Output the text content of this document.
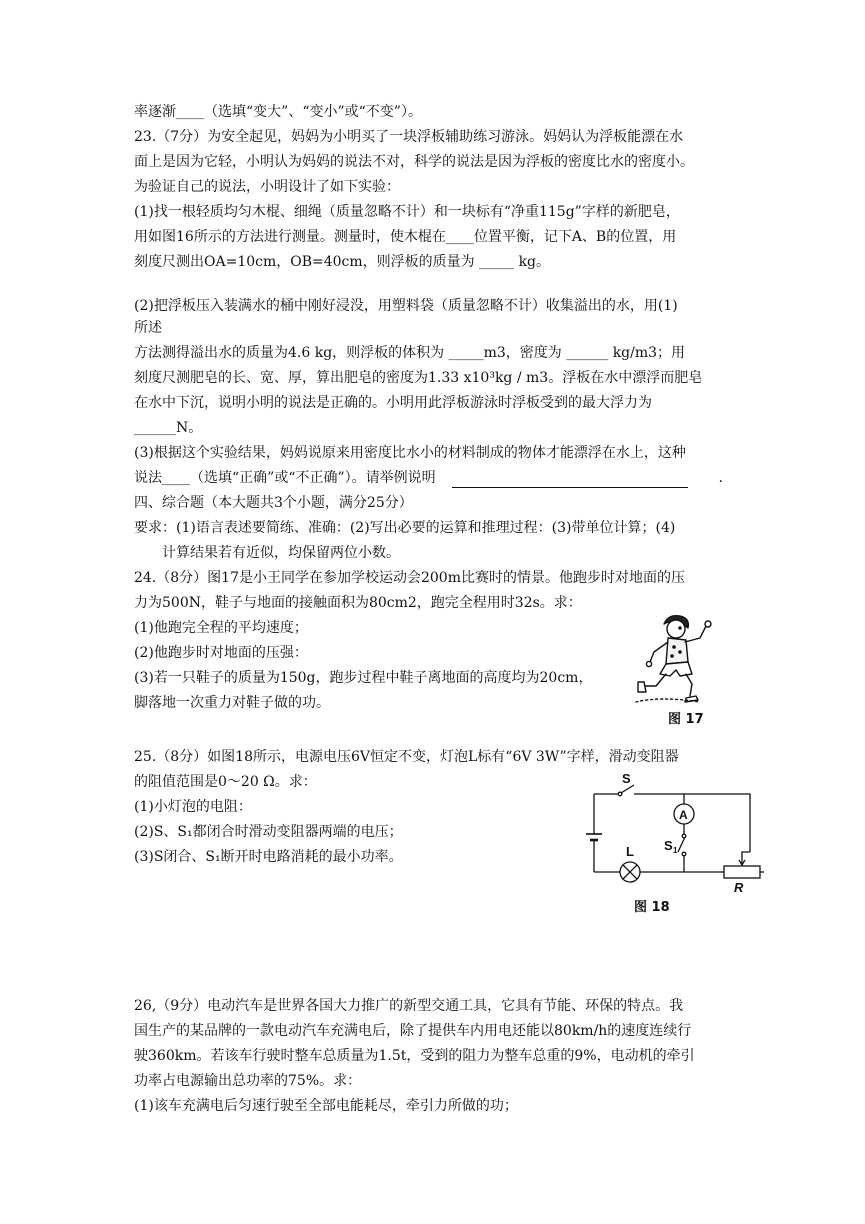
率逐渐____（选填“变大”、“变小”或“不变”）。
23.（7分）为安全起见，妈妈为小明买了一块浮板辅助练习游泳。妈妈认为浮板能漂在水
面上是因为它轻，小明认为妈妈的说法不对，科学的说法是因为浮板的密度比水的密度小。
为验证自己的说法，小明设计了如下实验：
(1)找一根轻质均匀木棍、细绳（质量忽略不计）和一块标有“净重115g”字样的新肥皂，
用如图16所示的方法进行测量。测量时，使木棍在____位置平衡，记下A、B的位置，用
刻度尺测出OA=10cm，OB=40cm，则浮板的质量为 _____ kg。
(2)把浮板压入装满水的桶中刚好浸没，用塑料袋（质量忽略不计）收集溢出的水，用(1)
所述
方法测得溢出水的质量为4.6 kg，则浮板的体积为 _____m3，密度为 ______ kg/m3；用
刻度尺测肥皂的长、宽、厚，算出肥皂的密度为1.33 x10³kg / m3。浮板在水中漂浮而肥皂
在水中下沉，说明小明的说法是正确的。小明用此浮板游泳时浮板受到的最大浮力为
______N。
(3)根据这个实验结果，妈妈说原来用密度比水小的材料制成的物体才能漂浮在水上，这种
说法____（选填“正确”或“不正确”）。请举例说明	.
四、综合题（本大题共3个小题，满分25分）
要求：(1)语言表述要简练、准确：(2)写出必要的运算和推理过程：(3)带单位计算；(4)
计算结果若有近似，均保留两位小数。
24.（8分）图17是小王同学在参加学校运动会200m比赛时的情景。他跑步时对地面的压
力为500N，鞋子与地面的接触面积为80cm2，跑完全程用时32s。求：
(1)他跑完全程的平均速度；
(2)他跑步时对地面的压强：
(3)若一只鞋子的质量为150g，跑步过程中鞋子离地面的高度均为20cm，
脚落地一次重力对鞋子做的功。
图 17
25.（8分）如图18所示，电源电压6V恒定不变，灯泡L标有“6V 3W”字样，滑动变阻器
的阻值范围是0～20 Ω。求：
(1)小灯泡的电阻：
(2)S、S₁都闭合时滑动变阻器两端的电压；
(3)S闭合、S₁断开时电路消耗的最小功率。
S
A
S 1
L
R
图 18
26,（9分）电动汽车是世界各国大力推广的新型交通工具，它具有节能、环保的特点。我
国生产的某品牌的一款电动汽车充满电后，除了提供车内用电还能以80km/h的速度连续行
驶360km。若该车行驶时整车总质量为1.5t，受到的阻力为整车总重的9%，电动机的牵引
功率占电源输出总功率的75%。求：
(1)该车充满电后匀速行驶至全部电能耗尽，牵引力所做的功；
